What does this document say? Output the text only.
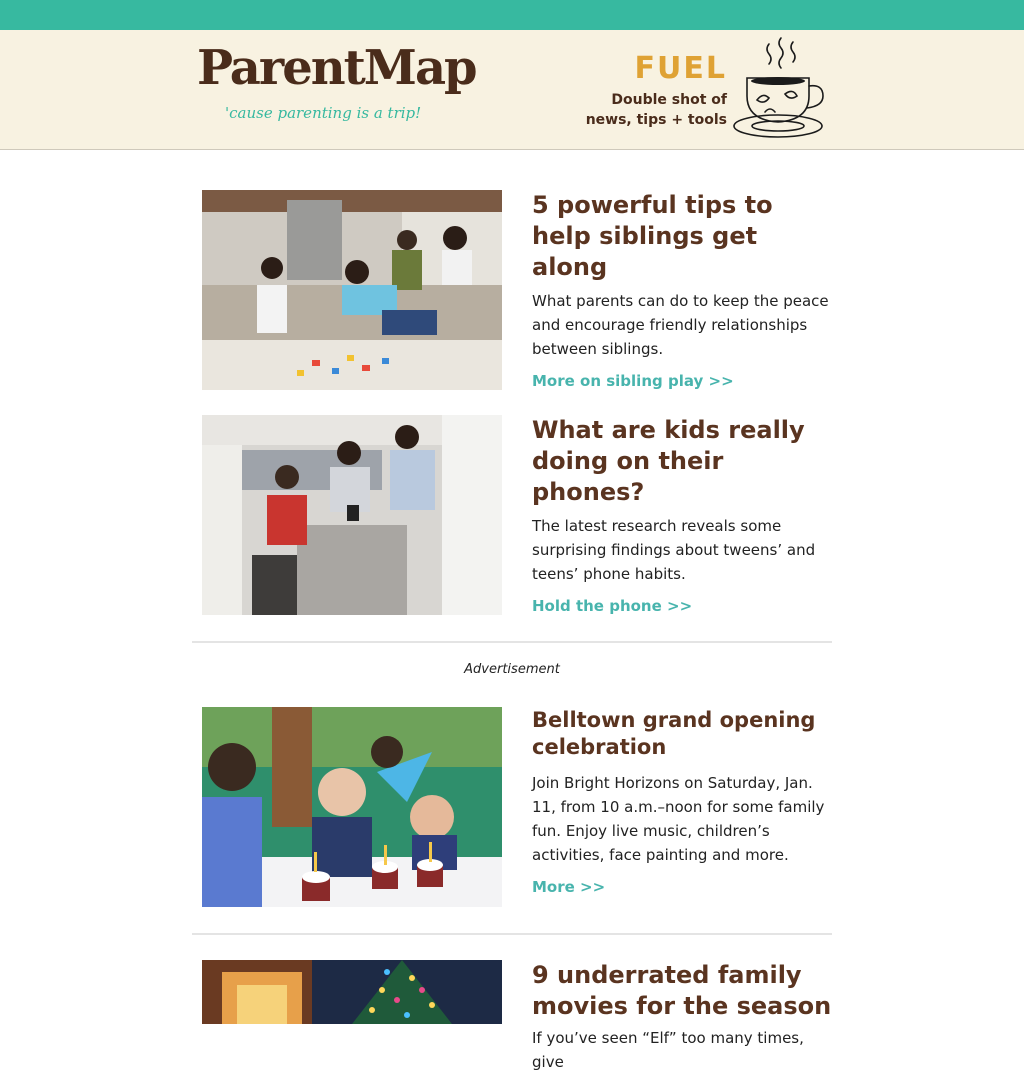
ParentMap
'cause parenting is a trip!
FUEL
Double shot of
news, tips + tools
5 powerful tips to help siblings get along
What parents can do to keep the peace and encourage friendly relationships between siblings.
More on sibling play >>
What are kids really doing on their phones?
The latest research reveals some surprising findings about tweens’ and teens’ phone habits.
Hold the phone >>
Advertisement
Belltown grand opening celebration
Join Bright Horizons on Saturday, Jan. 11, from 10 a.m.–noon for some family fun. Enjoy live music, children’s activities, face painting and more.
More >>
9 underrated family movies for the season
If you’ve seen “Elf” too many times, give
